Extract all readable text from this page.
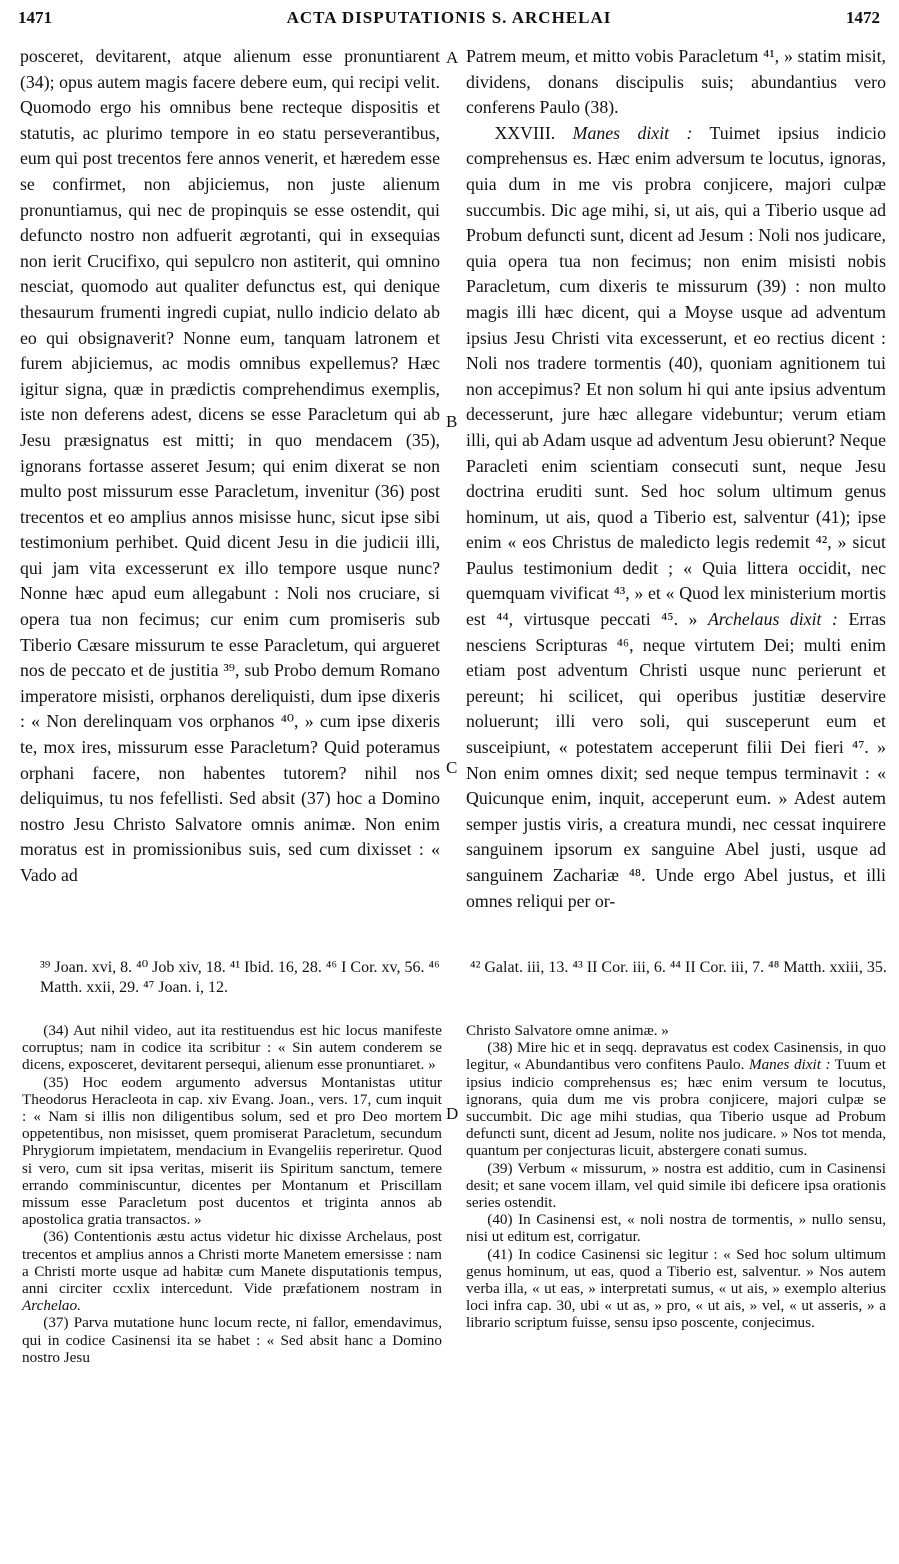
1471	ACTA DISPUTATIONIS S. ARCHELAI	1472
A
B
C
D

posceret, devitarent, atque alienum esse pronuntiarent (34); opus autem magis facere debere eum, qui recipi velit. Quomodo ergo his omnibus bene recteque dispositis et statutis, ac plurimo tempore in eo statu perseverantibus, eum qui post trecentos fere annos venerit, et hæredem esse se confirmet, non abjiciemus, non juste alienum pronuntiamus, qui nec de propinquis se esse ostendit, qui defuncto nostro non adfuerit ægrotanti, qui in exsequias non ierit Crucifixo, qui sepulcro non astiterit, qui omnino nesciat, quomodo aut qualiter defunctus est, qui denique thesaurum frumenti ingredi cupiat, nullo indicio delato ab eo qui obsignaverit? Nonne eum, tanquam latronem et furem abjiciemus, ac modis omnibus expellemus? Hæc igitur signa, quæ in prædictis comprehendimus exemplis, iste non deferens adest, dicens se esse Paracletum qui ab Jesu præsignatus est mitti; in quo mendacem (35), ignorans fortasse asseret Jesum; qui enim dixerat se non multo post missurum esse Paracletum, invenitur (36) post trecentos et eo amplius annos misisse hunc, sicut ipse sibi testimonium perhibet. Quid dicent Jesu in die judicii illi, qui jam vita excesserunt ex illo tempore usque nunc? Nonne hæc apud eum allegabunt : Noli nos cruciare, si opera tua non fecimus; cur enim cum promiseris sub Tiberio Cæsare missurum te esse Paracletum, qui argueret nos de peccato et de justitia ³⁹, sub Probo demum Romano imperatore misisti, orphanos dereliquisti, dum ipse dixeris : « Non derelinquam vos orphanos ⁴⁰, » cum ipse dixeris te, mox ires, missurum esse Paracletum? Quid poteramus orphani facere, non habentes tutorem? nihil nos deliquimus, tu nos fefellisti. Sed absit (37) hoc a Domino nostro Jesu Christo Salvatore omnis animæ. Non enim moratus est in promissionibus suis, sed cum dixisset : « Vado ad

Patrem meum, et mitto vobis Paracletum ⁴¹, » statim misit, dividens, donans discipulis suis; abundantius vero conferens Paulo (38).

XXVIII. Manes dixit : Tuimet ipsius indicio comprehensus es. Hæc enim adversum te locutus, ignoras, quia dum in me vis probra conjicere, majori culpæ succumbis. Dic age mihi, si, ut ais, qui a Tiberio usque ad Probum defuncti sunt, dicent ad Jesum : Noli nos judicare, quia opera tua non fecimus; non enim misisti nobis Paracletum, cum dixeris te missurum (39) : non multo magis illi hæc dicent, qui a Moyse usque ad adventum ipsius Jesu Christi vita excesserunt, et eo rectius dicent : Noli nos tradere tormentis (40), quoniam agnitionem tui non accepimus? Et non solum hi qui ante ipsius adventum decesserunt, jure hæc allegare videbuntur; verum etiam illi, qui ab Adam usque ad adventum Jesu obierunt? Neque Paracleti enim scientiam consecuti sunt, neque Jesu doctrina eruditi sunt. Sed hoc solum ultimum genus hominum, ut ais, quod a Tiberio est, salventur (41); ipse enim « eos Christus de maledicto legis redemit ⁴², » sicut Paulus testimonium dedit ; « Quia littera occidit, nec quemquam vivificat ⁴³, » et « Quod lex ministerium mortis est ⁴⁴, virtusque peccati ⁴⁵. » Archelaus dixit : Erras nesciens Scripturas ⁴⁶, neque virtutem Dei; multi enim etiam post adventum Christi usque nunc perierunt et pereunt; hi scilicet, qui operibus justitiæ deservire noluerunt; illi vero soli, qui susceperunt eum et susceipiunt, « potestatem acceperunt filii Dei fieri ⁴⁷. » Non enim omnes dixit; sed neque tempus terminavit : « Quicunque enim, inquit, acceperunt eum. » Adest autem semper justis viris, a creatura mundi, nec cessat inquirere sanguinem ipsorum ex sanguine Abel justi, usque ad sanguinem Zachariæ ⁴⁸. Unde ergo Abel justus, et illi omnes reliqui per or-

³⁹ Joan. xvi, 8. ⁴⁰ Job xiv, 18. ⁴¹ Ibid. 16, 28. ⁴⁶ I Cor. xv, 56. ⁴⁶ Matth. xxii, 29. ⁴⁷ Joan. i, 12.
⁴² Galat. iii, 13. ⁴³ II Cor. iii, 6. ⁴⁴ II Cor. iii, 7. ⁴⁸ Matth. xxiii, 35.

(34) Aut nihil video, aut ita restituendus est hic locus manifeste corruptus; nam in codice ita scribitur : « Sin autem conderem se dicens, exposceret, devitarent persequi, alienum esse pronuntiaret. »

(35) Hoc eodem argumento adversus Montanistas utitur Theodorus Heracleota in cap. xiv Evang. Joan., vers. 17, cum inquit : « Nam si illis non diligentibus solum, sed et pro Deo mortem oppetentibus, non misisset, quem promiserat Paracletum, secundum Phrygiorum impietatem, mendacium in Evangeliis reperiretur. Quod si vero, cum sit ipsa veritas, miserit iis Spiritum sanctum, temere errando comminiscuntur, dicentes per Montanum et Priscillam missum esse Paracletum post ducentos et triginta annos ab apostolica gratia transactos. »

(36) Contentionis æstu actus videtur hic dixisse Archelaus, post trecentos et amplius annos a Christi morte Manetem emersisse : nam a Christi morte usque ad habitæ cum Manete disputationis tempus, anni circiter ccxlix intercedunt. Vide præfationem nostram in Archelao.

(37) Parva mutatione hunc locum recte, ni fallor, emendavimus, qui in codice Casinensi ita se habet : « Sed absit hanc a Domino nostro Jesu

Christo Salvatore omne animæ. »

(38) Mire hic et in seqq. depravatus est codex Casinensis, in quo legitur, « Abundantibus vero confitens Paulo. Manes dixit : Tuum et ipsius indicio comprehensus es; hæc enim versum te locutus, ignorans, quia dum me vis probra conjicere, majori culpæ se succumbit. Dic age mihi studias, qua Tiberio usque ad Probum defuncti sunt, dicent ad Jesum, nolite nos judicare. » Nos tot menda, quantum per conjecturas licuit, abstergere conati sumus.

(39) Verbum « missurum, » nostra est additio, cum in Casinensi desit; et sane vocem illam, vel quid simile ibi deficere ipsa orationis series ostendit.

(40) In Casinensi est, « noli nostra de tormentis, » nullo sensu, nisi ut editum est, corrigatur.

(41) In codice Casinensi sic legitur : « Sed hoc solum ultimum genus hominum, ut eas, quod a Tiberio est, salventur. » Nos autem verba illa, « ut eas, » interpretati sumus, « ut ais, » exemplo alterius loci infra cap. 30, ubi « ut as, » pro, « ut ais, » vel, « ut asseris, » a librario scriptum fuisse, sensu ipso poscente, conjecimus.
